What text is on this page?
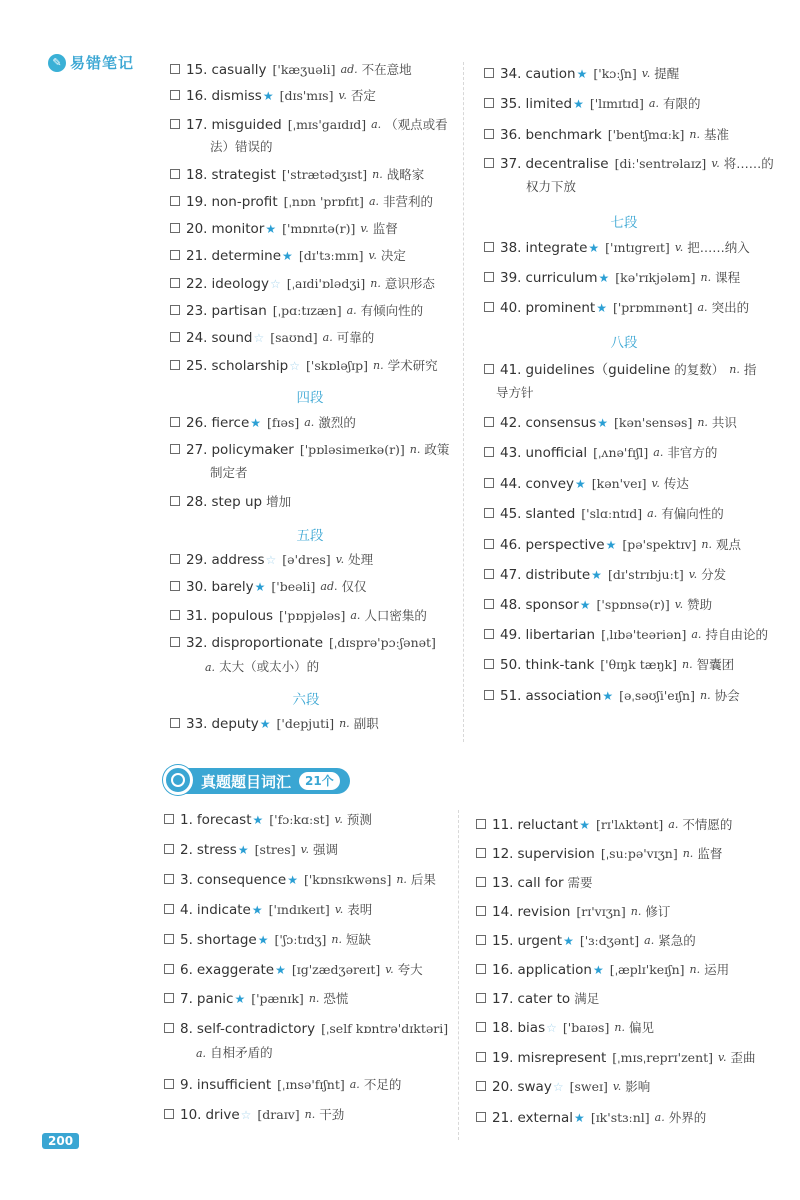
✎ 易错笔记	15. casually ['kæʒuəli] ad. 不在意地
16. dismiss ★ [dɪs'mɪs] v. 否定
17. misguided [ˌmɪs'gaɪdɪd] a. （观点或看
法）错误的
18. strategist ['strætədʒɪst] n. 战略家
19. non-profit [ˌnɒn 'prɒfɪt] a. 非营利的
20. monitor ★ ['mɒnɪtə(r)] v. 监督
21. determine ★ [dɪ'tɜːmɪn] v. 决定
22. ideology ☆ [ˌaɪdi'ɒlədʒi] n. 意识形态
23. partisan [ˌpɑːtɪzæn] a. 有倾向性的
24. sound ☆ [saʊnd] a. 可靠的
25. scholarship ☆ ['skɒləʃɪp] n. 学术研究
26. fierce ★ [fɪəs] a. 激烈的
27. policymaker ['pɒləsimeɪkə(r)] n. 政策
制定者
28. step up 增加
29. address ☆ [ə'dres] v. 处理
30. barely ★ ['beəli] ad. 仅仅
31. populous ['pɒpjələs] a. 人口密集的
32. disproportionate [ˌdɪsprə'pɔːʃənət]
a. 太大（或太小）的
33. deputy ★ ['depjuti] n. 副职
34. caution ★ ['kɔːʃn] v. 提醒
35. limited ★ ['lɪmɪtɪd] a. 有限的
36. benchmark ['bentʃmɑːk] n. 基准
37. decentralise [diː'sentrəlaɪz] v. 将……的
权力下放
38. integrate ★ ['ɪntɪgreɪt] v. 把……纳入
39. curriculum ★ [kə'rɪkjələm] n. 课程
40. prominent ★ ['prɒmɪnənt] a. 突出的
41. guidelines（guideline 的复数） n. 指
导方针
42. consensus ★ [kən'sensəs] n. 共识
43. unofficial [ˌʌnə'fɪʃl] a. 非官方的
44. convey ★ [kən'veɪ] v. 传达
45. slanted ['slɑːntɪd] a. 有偏向性的
46. perspective ★ [pə'spektɪv] n. 观点
47. distribute ★ [dɪ'strɪbjuːt] v. 分发
48. sponsor ★ ['spɒnsə(r)] v. 赞助
49. libertarian [ˌlɪbə'teəriən] a. 持自由论的
50. think-tank ['θɪŋk tæŋk] n. 智囊团
51. association ★ [əˌsəʊʃi'eɪʃn] n. 协会
1. forecast ★ ['fɔːkɑːst] v. 预测
2. stress ★ [stres] v. 强调
3. consequence ★ ['kɒnsɪkwəns] n. 后果
4. indicate ★ ['ɪndɪkeɪt] v. 表明
5. shortage ★ ['ʃɔːtɪdʒ] n. 短缺
6. exaggerate ★ [ɪg'zædʒəreɪt] v. 夸大
7. panic ★ ['pænɪk] n. 恐慌
8. self-contradictory [ˌself kɒntrə'dɪktəri]
a. 自相矛盾的
9. insufficient [ˌɪnsə'fɪʃnt] a. 不足的
10. drive ☆ [draɪv] n. 干劲
11. reluctant ★ [rɪ'lʌktənt] a. 不情愿的
12. supervision [ˌsuːpə'vɪʒn] n. 监督
13. call for 需要
14. revision [rɪ'vɪʒn] n. 修订
15. urgent ★ ['ɜːdʒənt] a. 紧急的
16. application ★ [ˌæplɪ'keɪʃn] n. 运用
17. cater to 满足
18. bias ☆ ['baɪəs] n. 偏见
19. misrepresent [ˌmɪsˌreprɪ'zent] v. 歪曲
20. sway ☆ [sweɪ] v. 影响
21. external ★ [ɪk'stɜːnl] a. 外界的
四段
五段
六段
七段
八段
真题题目词汇	21个
200
